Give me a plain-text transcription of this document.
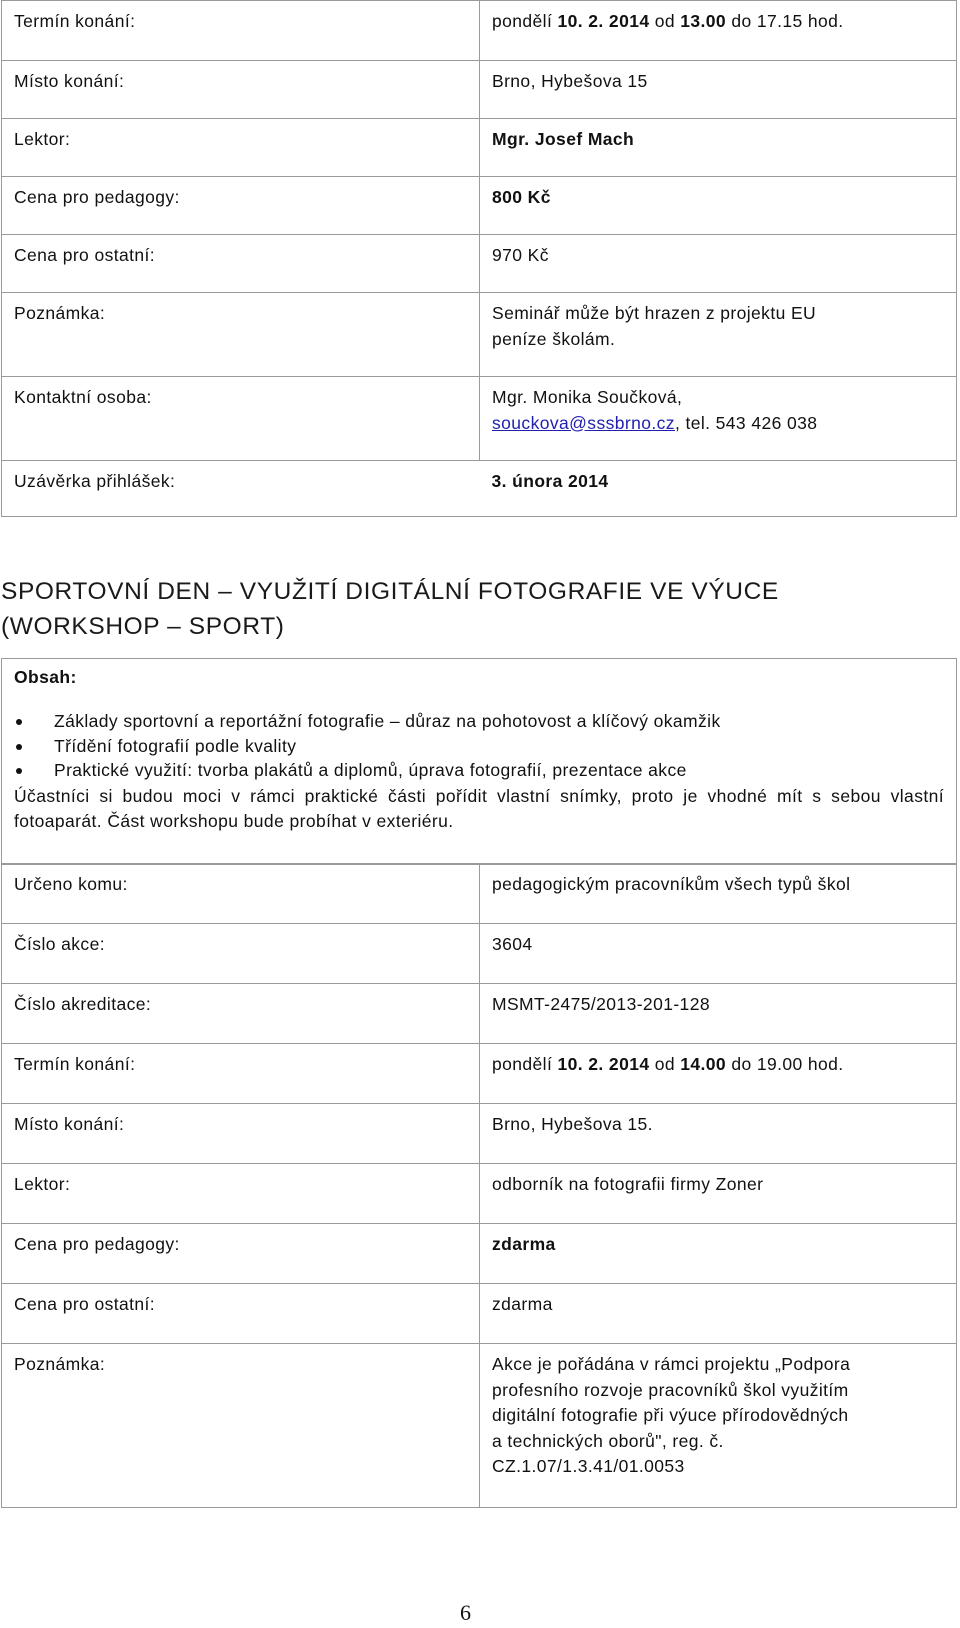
Termín konání:	pondělí 10. 2. 2014 od 13.00 do 17.15 hod.
Místo konání:	Brno, Hybešova 15
Lektor:	Mgr. Josef Mach
Cena pro pedagogy:	800 Kč
Cena pro ostatní:	970 Kč
Poznámka:	Seminář může být hrazen z projektu EU
peníze školám.
Kontaktní osoba:	Mgr. Monika Součková,
souckova@sssbrno.cz, tel. 543 426 038
Uzávěrka přihlášek:	3. února 2014
SPORTOVNÍ DEN – VYUŽITÍ DIGITÁLNÍ FOTOGRAFIE VE VÝUCE
(WORKSHOP – SPORT)
Obsah:
Základy sportovní a reportážní fotografie – důraz na pohotovost a klíčový okamžik
Třídění fotografií podle kvality
Praktické využití: tvorba plakátů a diplomů, úprava fotografií, prezentace akce
Účastníci si budou moci v rámci praktické části pořídit vlastní snímky, proto je vhodné mít s sebou vlastní fotoaparát. Část workshopu bude probíhat v exteriéru.
Určeno komu:	pedagogickým pracovníkům všech typů škol
Číslo akce:	3604
Číslo akreditace:	MSMT-2475/2013-201-128
Termín konání:	pondělí 10. 2. 2014 od 14.00 do 19.00 hod.
Místo konání:	Brno, Hybešova 15.
Lektor:	odborník na fotografii firmy Zoner
Cena pro pedagogy:	zdarma
Cena pro ostatní:	zdarma
Poznámka:	Akce je pořádána v rámci projektu „Podpora
profesního rozvoje pracovníků škol využitím
digitální fotografie při výuce přírodovědných
a technických oborů", reg. č.
CZ.1.07/1.3.41/01.0053
6
